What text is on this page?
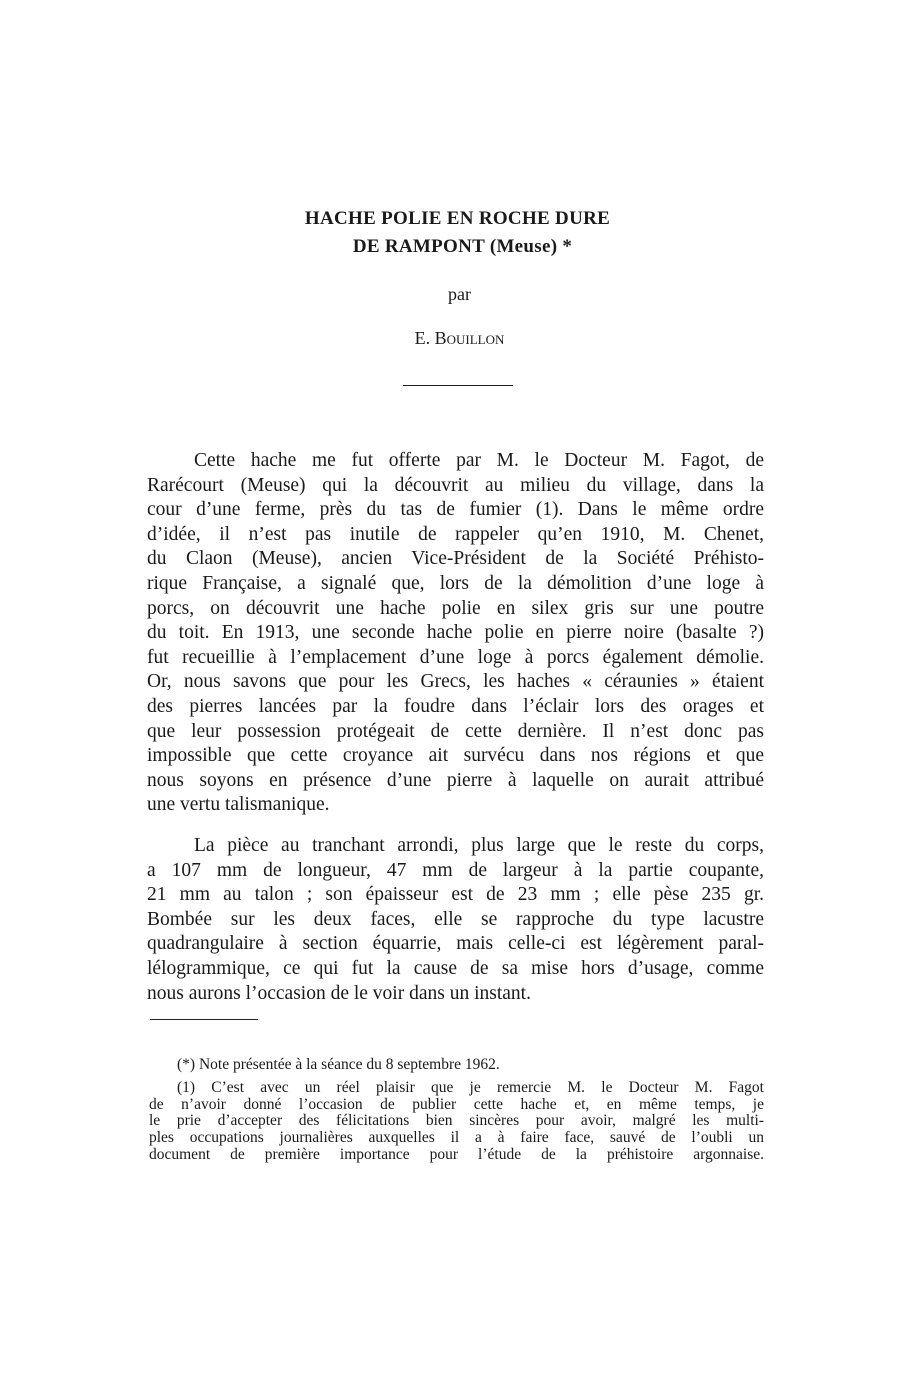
HACHE POLIE EN ROCHE DURE
DE RAMPONT (Meuse) *
par
E. Bouillon
Cette hache me fut offerte par M. le Docteur M. Fagot, de
Rarécourt (Meuse) qui la découvrit au milieu du village, dans la
cour d’une ferme, près du tas de fumier (1). Dans le même ordre
d’idée, il n’est pas inutile de rappeler qu’en 1910, M. Chenet,
du Claon (Meuse), ancien Vice-Président de la Société Préhisto-
rique Française, a signalé que, lors de la démolition d’une loge à
porcs, on découvrit une hache polie en silex gris sur une poutre
du toit. En 1913, une seconde hache polie en pierre noire (basalte ?)
fut recueillie à l’emplacement d’une loge à porcs également démolie.
Or, nous savons que pour les Grecs, les haches « céraunies » étaient
des pierres lancées par la foudre dans l’éclair lors des orages et
que leur possession protégeait de cette dernière. Il n’est donc pas
impossible que cette croyance ait survécu dans nos régions et que
nous soyons en présence d’une pierre à laquelle on aurait attribué
une vertu talismanique.
La pièce au tranchant arrondi, plus large que le reste du corps,
a 107 mm de longueur, 47 mm de largeur à la partie coupante,
21 mm au talon ; son épaisseur est de 23 mm ; elle pèse 235 gr.
Bombée sur les deux faces, elle se rapproche du type lacustre
quadrangulaire à section équarrie, mais celle-ci est légèrement paral-
lélogrammique, ce qui fut la cause de sa mise hors d’usage, comme
nous aurons l’occasion de le voir dans un instant.
(*) Note présentée à la séance du 8 septembre 1962.
(1) C’est avec un réel plaisir que je remercie M. le Docteur M. Fagot
de n’avoir donné l’occasion de publier cette hache et, en même temps, je
le prie d’accepter des félicitations bien sincères pour avoir, malgré les multi-
ples occupations journalières auxquelles il a à faire face, sauvé de l’oubli un
document de première importance pour l’étude de la préhistoire argonnaise.
